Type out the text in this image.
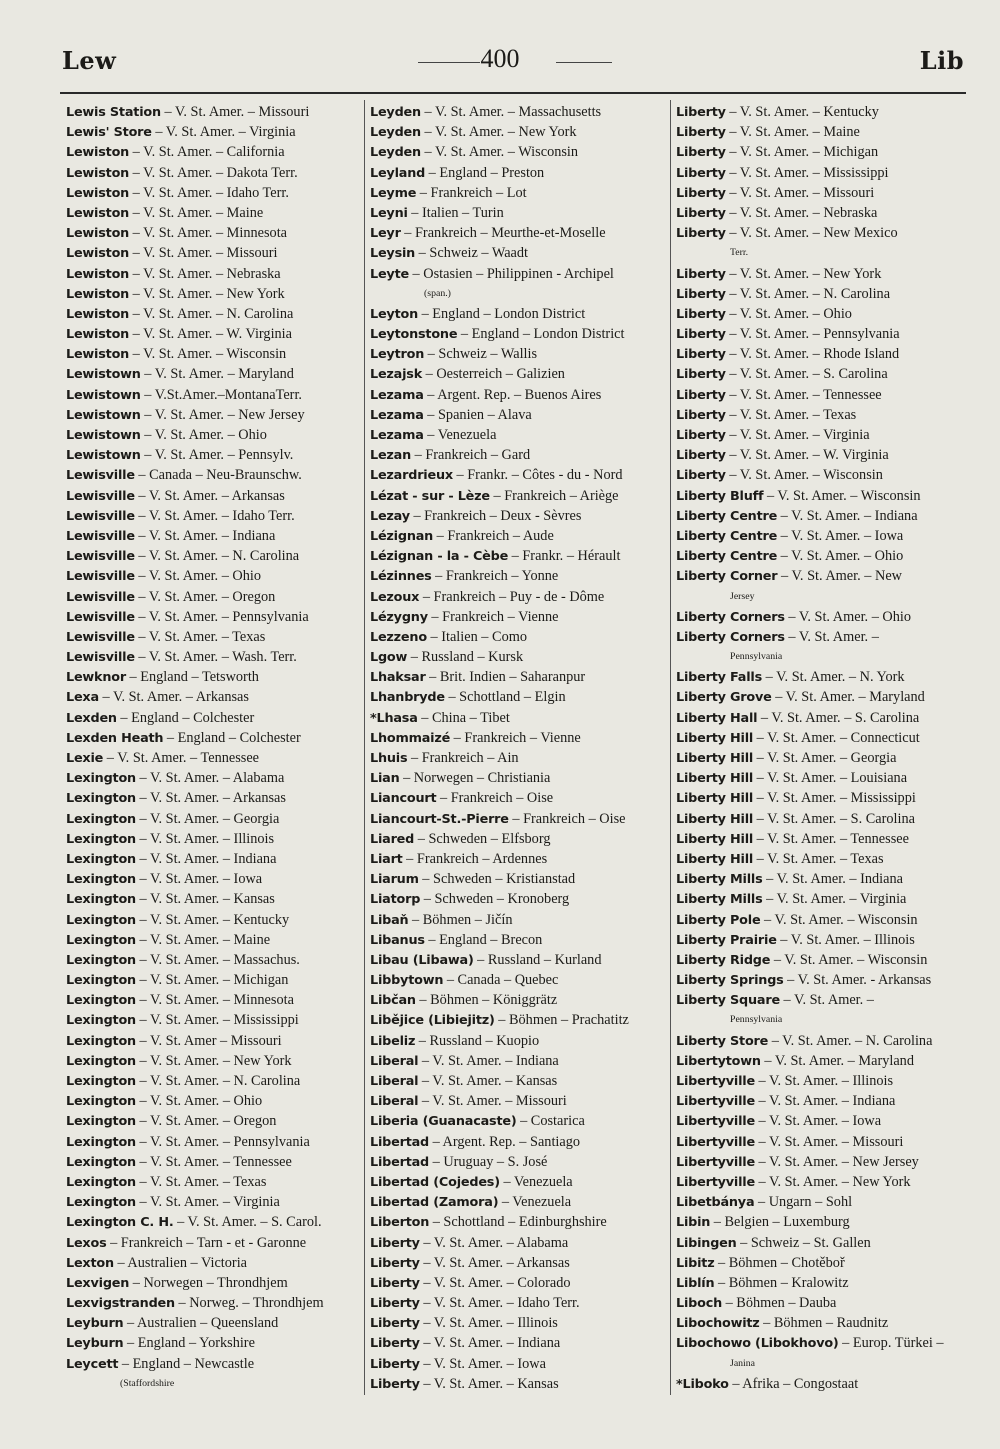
Lew	400	Lib
Lewis Station – V. St. Amer. – Missouri
Lewis' Store – V. St. Amer. – Virginia
Lewiston – V. St. Amer. – California
Lewiston – V. St. Amer. – Dakota Terr.
Lewiston – V. St. Amer. – Idaho Terr.
Lewiston – V. St. Amer. – Maine
Lewiston – V. St. Amer. – Minnesota
Lewiston – V. St. Amer. – Missouri
Lewiston – V. St. Amer. – Nebraska
Lewiston – V. St. Amer. – New York
Lewiston – V. St. Amer. – N. Carolina
Lewiston – V. St. Amer. – W. Virginia
Lewiston – V. St. Amer. – Wisconsin
Lewistown – V. St. Amer. – Maryland
Lewistown – V.St.Amer.–MontanaTerr.
Lewistown – V. St. Amer. – New Jersey
Lewistown – V. St. Amer. – Ohio
Lewistown – V. St. Amer. – Pennsylv.
Lewisville – Canada – Neu-Braunschw.
Lewisville – V. St. Amer. – Arkansas
Lewisville – V. St. Amer. – Idaho Terr.
Lewisville – V. St. Amer. – Indiana
Lewisville – V. St. Amer. – N. Carolina
Lewisville – V. St. Amer. – Ohio
Lewisville – V. St. Amer. – Oregon
Lewisville – V. St. Amer. – Pennsylvania
Lewisville – V. St. Amer. – Texas
Lewisville – V. St. Amer. – Wash. Terr.
Lewknor – England – Tetsworth
Lexa – V. St. Amer. – Arkansas
Lexden – England – Colchester
Lexden Heath – England – Colchester
Lexie – V. St. Amer. – Tennessee
Lexington – V. St. Amer. – Alabama
Lexington – V. St. Amer. – Arkansas
Lexington – V. St. Amer. – Georgia
Lexington – V. St. Amer. – Illinois
Lexington – V. St. Amer. – Indiana
Lexington – V. St. Amer. – Iowa
Lexington – V. St. Amer. – Kansas
Lexington – V. St. Amer. – Kentucky
Lexington – V. St. Amer. – Maine
Lexington – V. St. Amer. – Massachus.
Lexington – V. St. Amer. – Michigan
Lexington – V. St. Amer. – Minnesota
Lexington – V. St. Amer. – Mississippi
Lexington – V. St. Amer – Missouri
Lexington – V. St. Amer. – New York
Lexington – V. St. Amer. – N. Carolina
Lexington – V. St. Amer. – Ohio
Lexington – V. St. Amer. – Oregon
Lexington – V. St. Amer. – Pennsylvania
Lexington – V. St. Amer. – Tennessee
Lexington – V. St. Amer. – Texas
Lexington – V. St. Amer. – Virginia
Lexington C. H. – V. St. Amer. – S. Carol.
Lexos – Frankreich – Tarn - et - Garonne
Lexton – Australien – Victoria
Lexvigen – Norwegen – Throndhjem
Lexvigstranden – Norweg. – Throndhjem
Leyburn – Australien – Queensland
Leyburn – England – Yorkshire
Leycett – England – Newcastle
(Staffordshire
Leyden – V. St. Amer. – Massachusetts
Leyden – V. St. Amer. – New York
Leyden – V. St. Amer. – Wisconsin
Leyland – England – Preston
Leyme – Frankreich – Lot
Leyni – Italien – Turin
Leyr – Frankreich – Meurthe-et-Moselle
Leysin – Schweiz – Waadt
Leyte – Ostasien – Philippinen - Archipel
(span.)
Leyton – England – London District
Leytonstone – England – London District
Leytron – Schweiz – Wallis
Lezajsk – Oesterreich – Galizien
Lezama – Argent. Rep. – Buenos Aires
Lezama – Spanien – Alava
Lezama – Venezuela
Lezan – Frankreich – Gard
Lezardrieux – Frankr. – Côtes - du - Nord
Lézat - sur - Lèze – Frankreich – Ariège
Lezay – Frankreich – Deux - Sèvres
Lézignan – Frankreich – Aude
Lézignan - la - Cèbe – Frankr. – Hérault
Lézinnes – Frankreich – Yonne
Lezoux – Frankreich – Puy - de - Dôme
Lézygny – Frankreich – Vienne
Lezzeno – Italien – Como
Lgow – Russland – Kursk
Lhaksar – Brit. Indien – Saharanpur
Lhanbryde – Schottland – Elgin
*Lhasa – China – Tibet
Lhommaizé – Frankreich – Vienne
Lhuis – Frankreich – Ain
Lian – Norwegen – Christiania
Liancourt – Frankreich – Oise
Liancourt-St.-Pierre – Frankreich – Oise
Liared – Schweden – Elfsborg
Liart – Frankreich – Ardennes
Liarum – Schweden – Kristianstad
Liatorp – Schweden – Kronoberg
Libaň – Böhmen – Jičín
Libanus – England – Brecon
Libau (Libawa) – Russland – Kurland
Libbytown – Canada – Quebec
Libčan – Böhmen – Königgrätz
Libějice (Libiejitz) – Böhmen – Prachatitz
Libeliz – Russland – Kuopio
Liberal – V. St. Amer. – Indiana
Liberal – V. St. Amer. – Kansas
Liberal – V. St. Amer. – Missouri
Liberia (Guanacaste) – Costarica
Libertad – Argent. Rep. – Santiago
Libertad – Uruguay – S. José
Libertad (Cojedes) – Venezuela
Libertad (Zamora) – Venezuela
Liberton – Schottland – Edinburghshire
Liberty – V. St. Amer. – Alabama
Liberty – V. St. Amer. – Arkansas
Liberty – V. St. Amer. – Colorado
Liberty – V. St. Amer. – Idaho Terr.
Liberty – V. St. Amer. – Illinois
Liberty – V. St. Amer. – Indiana
Liberty – V. St. Amer. – Iowa
Liberty – V. St. Amer. – Kansas
Liberty – V. St. Amer. – Kentucky
Liberty – V. St. Amer. – Maine
Liberty – V. St. Amer. – Michigan
Liberty – V. St. Amer. – Mississippi
Liberty – V. St. Amer. – Missouri
Liberty – V. St. Amer. – Nebraska
Liberty – V. St. Amer. – New Mexico
Terr.
Liberty – V. St. Amer. – New York
Liberty – V. St. Amer. – N. Carolina
Liberty – V. St. Amer. – Ohio
Liberty – V. St. Amer. – Pennsylvania
Liberty – V. St. Amer. – Rhode Island
Liberty – V. St. Amer. – S. Carolina
Liberty – V. St. Amer. – Tennessee
Liberty – V. St. Amer. – Texas
Liberty – V. St. Amer. – Virginia
Liberty – V. St. Amer. – W. Virginia
Liberty – V. St. Amer. – Wisconsin
Liberty Bluff – V. St. Amer. – Wisconsin
Liberty Centre – V. St. Amer. – Indiana
Liberty Centre – V. St. Amer. – Iowa
Liberty Centre – V. St. Amer. – Ohio
Liberty Corner – V. St. Amer. – New
Jersey
Liberty Corners – V. St. Amer. – Ohio
Liberty Corners – V. St. Amer. –
Pennsylvania
Liberty Falls – V. St. Amer. – N. York
Liberty Grove – V. St. Amer. – Maryland
Liberty Hall – V. St. Amer. – S. Carolina
Liberty Hill – V. St. Amer. – Connecticut
Liberty Hill – V. St. Amer. – Georgia
Liberty Hill – V. St. Amer. – Louisiana
Liberty Hill – V. St. Amer. – Mississippi
Liberty Hill – V. St. Amer. – S. Carolina
Liberty Hill – V. St. Amer. – Tennessee
Liberty Hill – V. St. Amer. – Texas
Liberty Mills – V. St. Amer. – Indiana
Liberty Mills – V. St. Amer. – Virginia
Liberty Pole – V. St. Amer. – Wisconsin
Liberty Prairie – V. St. Amer. – Illinois
Liberty Ridge – V. St. Amer. – Wisconsin
Liberty Springs – V. St. Amer. - Arkansas
Liberty Square – V. St. Amer. –
Pennsylvania
Liberty Store – V. St. Amer. – N. Carolina
Libertytown – V. St. Amer. – Maryland
Libertyville – V. St. Amer. – Illinois
Libertyville – V. St. Amer. – Indiana
Libertyville – V. St. Amer. – Iowa
Libertyville – V. St. Amer. – Missouri
Libertyville – V. St. Amer. – New Jersey
Libertyville – V. St. Amer. – New York
Libetbánya – Ungarn – Sohl
Libin – Belgien – Luxemburg
Libingen – Schweiz – St. Gallen
Libitz – Böhmen – Chotěboř
Liblín – Böhmen – Kralowitz
Liboch – Böhmen – Dauba
Libochowitz – Böhmen – Raudnitz
Libochowo (Libokhovo) – Europ. Türkei –
Janina
*Liboko – Afrika – Congostaat
